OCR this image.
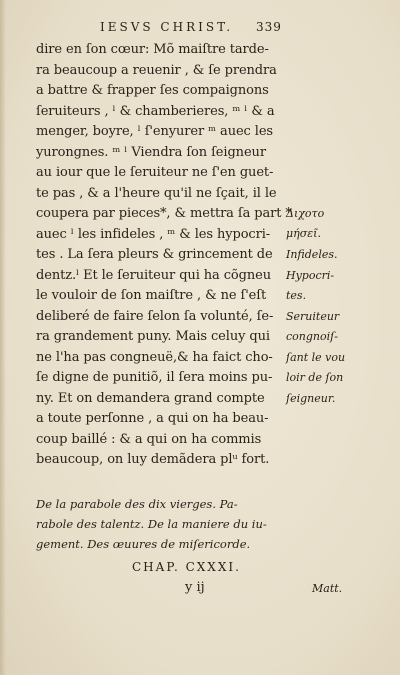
IESVS CHRIST. 339
dire en ſon cœur: Mõ maiſtre tarde-
ra beaucoup a reuenir , & ſe prendra
a battre & frapper ſes compaignons
ſeruiteurs , ˡ & chamberieres, ᵐ ˡ & a
menger, boyre, ˡ ſ'enyurer ᵐ auec les
yurongnes. ᵐ ˡ Viendra ſon ſeigneur
au iour que le ſeruiteur ne ſ'en guet-
te pas , & a l'heure qu'il ne ſçait, il le
coupera par pieces*, & mettra ſa part *
auec ˡ les infideles , ᵐ & les hypocri-
tes . La ſera pleurs & grincement de
dentz.ˡ Et le ſeruiteur qui ha cõgneu
le vouloir de ſon maiſtre , & ne ſ'eſt
deliberé de faire ſelon ſa volunté, ſe-
ra grandement puny. Mais celuy qui
ne l'ha pas congneuë,& ha faict cho-
ſe digne de punitiõ, il ſera moins pu-
ny. Et on demandera grand compte
a toute perſonne , a qui on ha beau-
coup baillé : & a qui on ha commis
beaucoup, on luy demãdera plᵘ fort.
Διχοτο
μήσεῖ.
Infideles.
Hypocri-
tes.
Seruiteur
congnoiſ-
ſant le vou
loir de ſon
ſeigneur.
De la parabole des dix vierges. Pa-
rabole des talentz. De la maniere du iu-
gement. Des œuures de miſericorde.
CHAP. CXXXI.
y ij	Matt.
